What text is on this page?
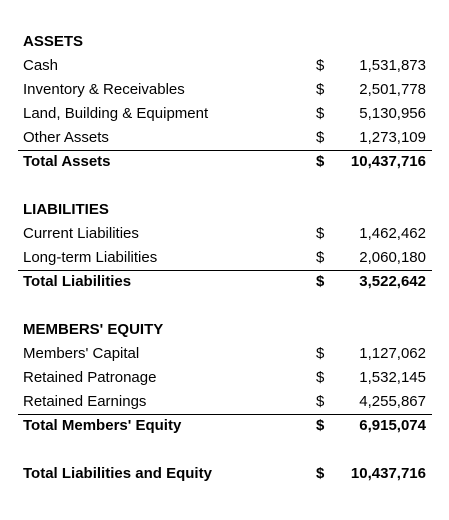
ASSETS
Cash	$ 1,531,873
Inventory & Receivables	$ 2,501,778
Land, Building & Equipment	$ 5,130,956
Other Assets	$ 1,273,109
Total Assets	$ 10,437,716
LIABILITIES
Current Liabilities	$ 1,462,462
Long-term Liabilities	$ 2,060,180
Total Liabilities	$ 3,522,642
MEMBERS' EQUITY
Members' Capital	$ 1,127,062
Retained Patronage	$ 1,532,145
Retained Earnings	$ 4,255,867
Total Members' Equity	$ 6,915,074
Total Liabilities and Equity	$ 10,437,716
